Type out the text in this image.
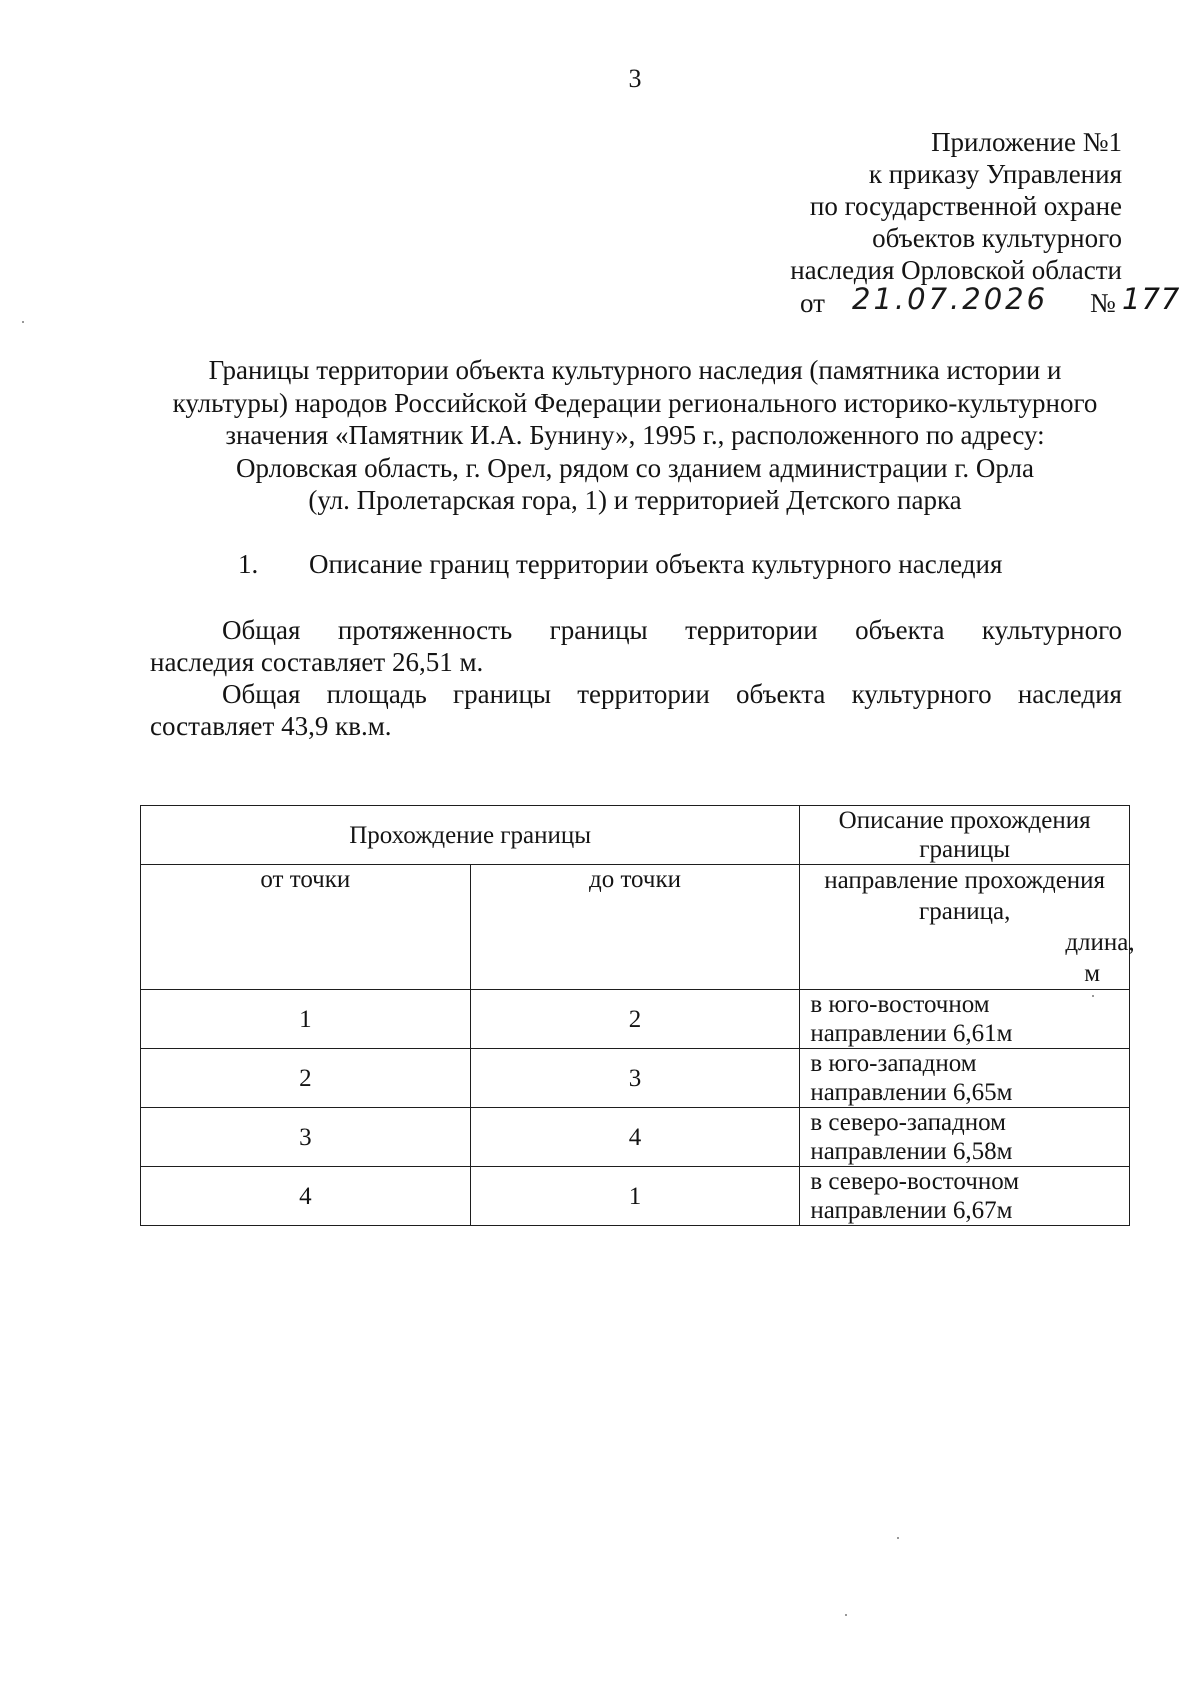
3
Приложение №1
к приказу Управления
по государственной охране
объектов культурного
наследия Орловской области
от 21.07.2026 № 177
Границы территории объекта культурного наследия (памятника истории и
культуры) народов Российской Федерации регионального историко-культурного
значения «Памятник И.А. Бунину», 1995 г., расположенного по адресу:
Орловская область, г. Орел, рядом со зданием администрации г. Орла
(ул. Пролетарская гора, 1) и территорией Детского парка
1. Описание границ территории объекта культурного наследия
Общая протяженность границы территории объекта культурного
наследия составляет 26,51 м.
Общая площадь границы территории объекта культурного наследия
составляет 43,9 кв.м.
Прохождение границы		Описание прохождения границы
от точки	до точки	направление прохождения граница,
длина, м

1	2	в юго-восточном направлении 6,61м
2	3	в юго-западном направлении 6,65м
3	4	в северо-западном направлении 6,58м
4	1	в северо-восточном направлении 6,67м
